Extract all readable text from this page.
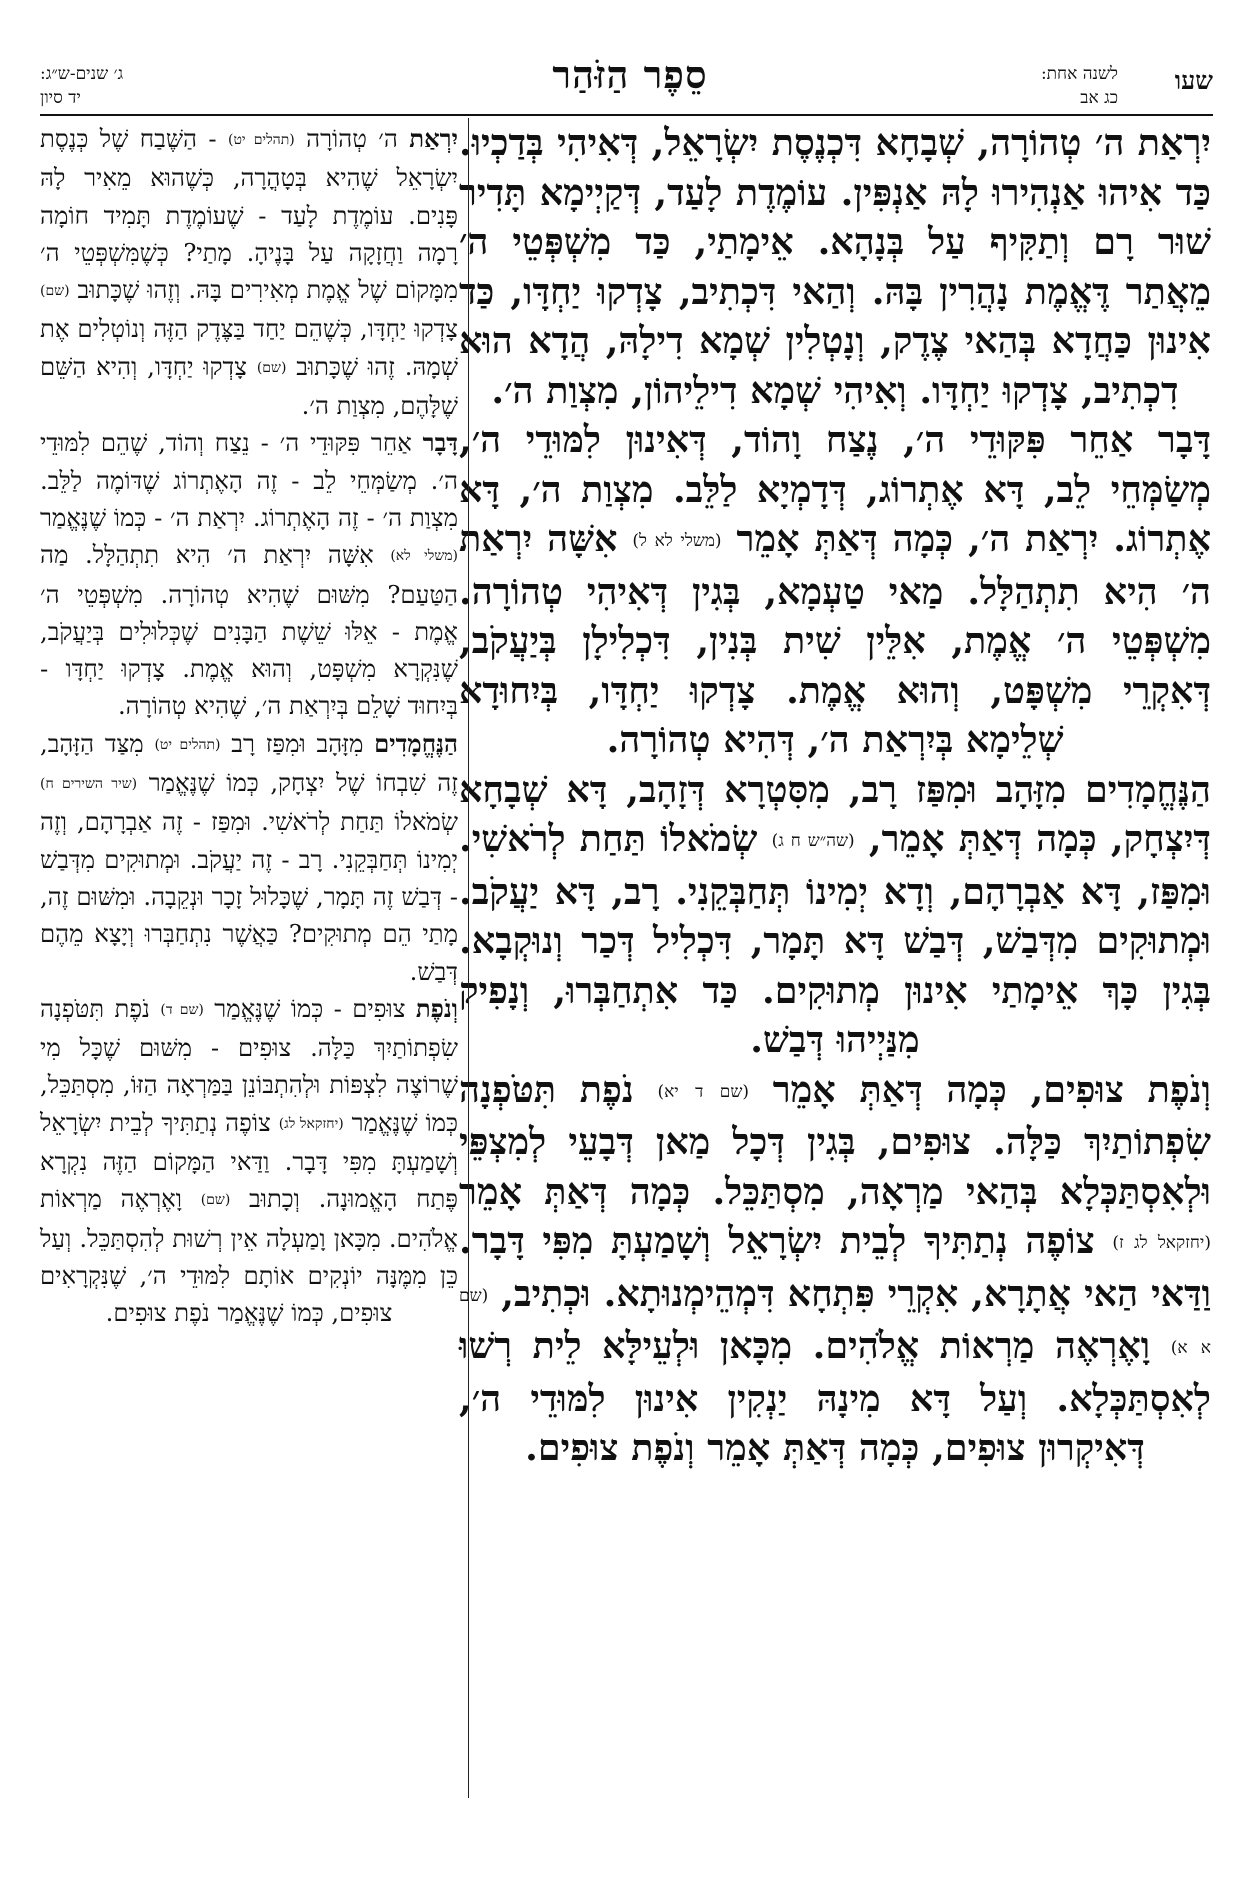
שעו
לשנה אחת:
כג אב
סֵפֶר הַזֹּהַר
ג׳ שנים-ש״ג:
יד סיון

יִרְאַת ה׳ טְהוֹרָה, שְׁבָחָא דִּכְנֶסֶת יִשְׂרָאֵל, דְּאִיהִי בְּדַכְיוּ. כַּד אִיהוּ אַנְהִירוּ לָהּ אַנְפִּין. עוֹמֶדֶת לָעַד, דְּקַיְימָא תָּדִיר שׁוּר רָם וְתַקִּיף עַל בְּנָהָא. אֵימָתַי, כַּד מִשְׁפְּטֵי ה׳ מֵאֲתַר דֶּאֱמֶת נָהֲרִין בָּהּ. וְהַאי דִּכְתִיב, צָדְקוּ יַחְדָּו, כַּד אִינוּן כַּחֲדָא בְּהַאי צֶדֶק, וְנָטְלִין שְׁמָא דִילָהּ, הֲדָא הוּא דִכְתִיב, צָדְקוּ יַחְדָּו. וְאִיהִי שְׁמָא דִילֵיהוֹן, מִצְוַת ה׳.

דָּבָר אַחֵר פִּקּוּדֵי ה׳, נֶצַח וָהוֹד, דְּאִינוּן לִמּוּדֵי ה׳, מְשַׂמְּחֵי לֵב, דָּא אֶתְרוֹג, דְּדָמְיָא לַלֵּב. מִצְוַת ה׳, דָּא אֶתְרוֹג. יִרְאַת ה׳, כְּמָה דְּאַתְּ אָמֵר (משלי לא ל) אִשָּׁה יִרְאַת ה׳ הִיא תִתְהַלָּל. מַאי טַעְמָא, בְּגִין דְּאִיהִי טְהוֹרָה. מִשְׁפְּטֵי ה׳ אֱמֶת, אִלֵּין שִׁית בְּנִין, דִּכְלִילָן בְּיַעֲקֹב, דְּאִקְרֵי מִשְׁפָּט, וְהוּא אֱמֶת. צָדְקוּ יַחְדָּו, בְּיִחוּדָא שְׁלֵימָא בְּיִרְאַת ה׳, דְּהִיא טְהוֹרָה.

הַנֶּחֱמָדִים מִזָּהָב וּמִפַּז רָב, מִסִּטְרָא דְּזָהָב, דָּא שְׁבָחָא דְּיִצְחָק, כְּמָה דְּאַתְּ אָמֵר, (שה״ש ח ג) שְׂמֹאלוֹ תַּחַת לְרֹאשִׁי. וּמִפַּז, דָּא אַבְרָהָם, וְדָא יְמִינוֹ תְּחַבְּקֵנִי. רָב, דָּא יַעֲקֹב. וּמְתוּקִים מִדְּבַשׁ, דְּבַשׁ דָּא תָּמָר, דִּכְלִיל דְּכַר וְנוּקְבָא. בְּגִין כָּךְ אֵימָתַי אִינוּן מְתוּקִים. כַּד אִתְחַבְּרוּ, וְנָפִיק מִנַּיְיהוּ דְּבַשׁ.

וְנֹפֶת צוּפִים, כְּמָה דְּאַתְּ אָמֵר (שם ד יא) נֹפֶת תִּטֹּפְנָה שִׂפְתוֹתַיִךְ כַּלָּה. צוּפִים, בְּגִין דְּכָל מַאן דְּבָעֵי לְמִצְפֵּי וּלְאִסְתַּכְּלָא בְּהַאי מַרְאָה, מִסְתַּכֵּל. כְּמָה דְּאַתְּ אָמֵר (יחזקאל לג ז) צוֹפֶה נְתַתִּיךָ לְבֵית יִשְׂרָאֵל וְשָׁמַעְתָּ מִפִּי דָּבָר. וַדַּאי הַאי אֲתָרָא, אִקְרֵי פִּתְחָא דִּמְהֵימְנוּתָא. וּכְתִיב, (שם א א) וָאֶרְאֶה מַרְאוֹת אֱלֹהִים. מִכָּאן וּלְעֵילָּא לֵית רְשׁוּ לְאִסְתַּכְּלָא. וְעַל דָּא מִינָהּ יַנְקִין אִינוּן לִמּוּדֵי ה׳, דְּאִיקְרוּן צוּפִים, כְּמָה דְּאַתְּ אָמֵר וְנֹפֶת צוּפִים.

יִרְאַת ה׳ טְהוֹרָה (תהלים יט) - הַשֶּׁבַח שֶׁל כְּנֶסֶת יִשְׂרָאֵל שֶׁהִיא בְּטָהֳרָה, כְּשֶׁהוּא מֵאִיר לָהּ פָּנִים. עוֹמֶדֶת לָעַד - שֶׁעוֹמֶדֶת תָּמִיד חוֹמָה רָמָה וַחֲזָקָה עַל בָּנֶיהָ. מָתַי? כְּשֶׁמִּשְׁפְּטֵי ה׳ מִמָּקוֹם שֶׁל אֱמֶת מְאִירִים בָּהּ. וְזֶהוּ שֶׁכָּתוּב (שם) צָדְקוּ יַחְדָּו, כְּשֶׁהֵם יַחַד בַּצֶּדֶק הַזֶּה וְנוֹטְלִים אֶת שְׁמָהּ. זֶהוּ שֶׁכָּתוּב (שם) צָדְקוּ יַחְדָּו, וְהִיא הַשֵּׁם שֶׁלָּהֶם, מִצְוַת ה׳.

דָּבָר אַחֵר פִּקּוּדֵי ה׳ - נֵצַח וְהוֹד, שֶׁהֵם לִמּוּדֵי ה׳. מְשַׂמְּחֵי לֵב - זֶה הָאֶתְרוֹג שֶׁדּוֹמֶה לַלֵּב. מִצְוַת ה׳ - זֶה הָאֶתְרוֹג. יִרְאַת ה׳ - כְּמוֹ שֶׁנֶּאֱמַר (משלי לא) אִשָּׁה יִרְאַת ה׳ הִיא תִתְהַלָּל. מַה הַטַּעַם? מִשּׁוּם שֶׁהִיא טְהוֹרָה. מִשְׁפְּטֵי ה׳ אֱמֶת - אֵלּוּ שֵׁשֶׁת הַבָּנִים שֶׁכְּלוּלִים בְּיַעֲקֹב, שֶׁנִּקְרָא מִשְׁפָּט, וְהוּא אֱמֶת. צָדְקוּ יַחְדָּו - בְּיִחוּד שָׁלֵם בְּיִרְאַת ה׳, שֶׁהִיא טְהוֹרָה.

הַנֶּחֱמָדִים מִזָּהָב וּמִפַּז רָב (תהלים יט) מִצַּד הַזָּהָב, זֶה שִׁבְחוֹ שֶׁל יִצְחָק, כְּמוֹ שֶׁנֶּאֱמַר (שיר השירים ח) שְׂמֹאלוֹ תַּחַת לְרֹאשִׁי. וּמִפַּז - זֶה אַבְרָהָם, וְזֶה יְמִינוֹ תְּחַבְּקֵנִי. רָב - זֶה יַעֲקֹב. וּמְתוּקִים מִדְּבַשׁ - דְּבַשׁ זֶה תָּמָר, שֶׁכָּלוּל זָכָר וּנְקֵבָה. וּמִשּׁוּם זֶה, מָתַי הֵם מְתוּקִים? כַּאֲשֶׁר נִתְחַבְּרוּ וְיָצָא מֵהֶם דְּבַשׁ.

וְנֹפֶת צוּפִים - כְּמוֹ שֶׁנֶּאֱמַר (שם ד) נֹפֶת תִּטֹּפְנָה שִׂפְתוֹתַיִךְ כַּלָּה. צוּפִים - מִשּׁוּם שֶׁכָּל מִי שֶׁרוֹצֶה לִצְפּוֹת וּלְהִתְבּוֹנֵן בַּמַּרְאָה הַזּוֹ, מִסְתַּכֵּל, כְּמוֹ שֶׁנֶּאֱמַר (יחזקאל לג) צוֹפֶה נְתַתִּיךָ לְבֵית יִשְׂרָאֵל וְשָׁמַעְתָּ מִפִּי דָּבָר. וַדַּאי הַמָּקוֹם הַזֶּה נִקְרָא פֶּתַח הָאֱמוּנָה. וְכָתוּב (שם) וָאֶרְאֶה מַרְאוֹת אֱלֹהִים. מִכָּאן וָמַעְלָה אֵין רְשׁוּת לְהִסְתַּכֵּל. וְעַל כֵּן מִמֶּנָּה יוֹנְקִים אוֹתָם לִמּוּדֵי ה׳, שֶׁנִּקְרָאִים צוּפִים, כְּמוֹ שֶׁנֶּאֱמַר נֹפֶת צוּפִים.
